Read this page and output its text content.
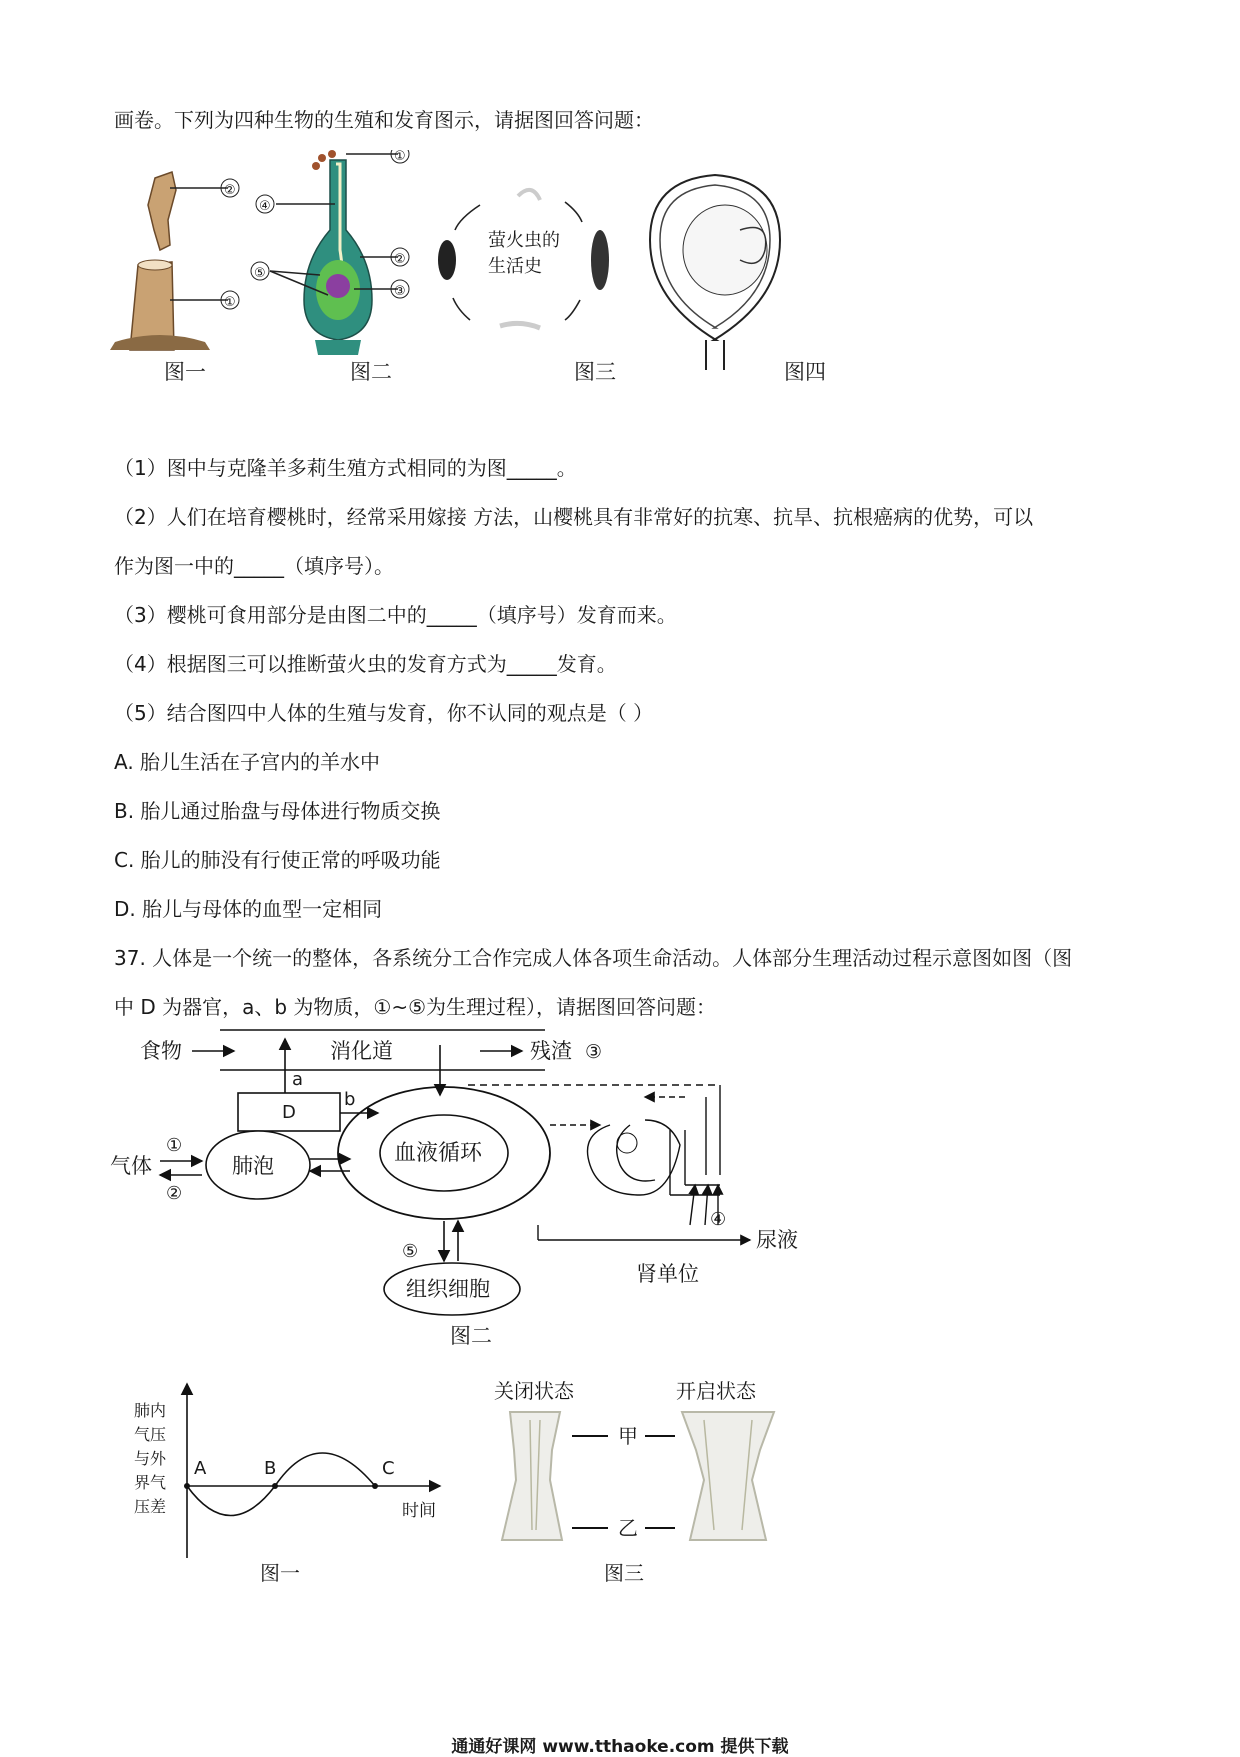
画卷。下列为四种生物的生殖和发育图示，请据图回答问题：
②
①
①
④
②
③
⑤
萤火虫的
生活史
图一	图二	图三	图四
（1）图中与克隆羊多莉生殖方式相同的为图_____。
（2）人们在培育樱桃时，经常采用嫁接 方法，山樱桃具有非常好的抗寒、抗旱、抗根癌病的优势，可以
作为图一中的_____（填序号）。
（3）樱桃可食用部分是由图二中的_____（填序号）发育而来。
（4）根据图三可以推断萤火虫的发育方式为_____发育。
（5）结合图四中人体的生殖与发育，你不认同的观点是（ ）
A. 胎儿生活在子宫内的羊水中
B. 胎儿通过胎盘与母体进行物质交换
C. 胎儿的肺没有行使正常的呼吸功能
D. 胎儿与母体的血型一定相同
37. 人体是一个统一的整体，各系统分工合作完成人体各项生命活动。人体部分生理活动过程示意图如图（图
中 D 为器官，a、b 为物质，①~⑤为生理过程），请据图回答问题：
食物	消化道	残渣 ③
a
D
b
血液循环
肺泡
气体
①
②
组织细胞
⑤
④
尿液
肾单位
图二
A	B	C
时间
肺内
气压
与外
界气
压差
图一
关闭状态	开启状态
甲
乙
图三
通通好课网 www.tthaoke.com 提供下载
